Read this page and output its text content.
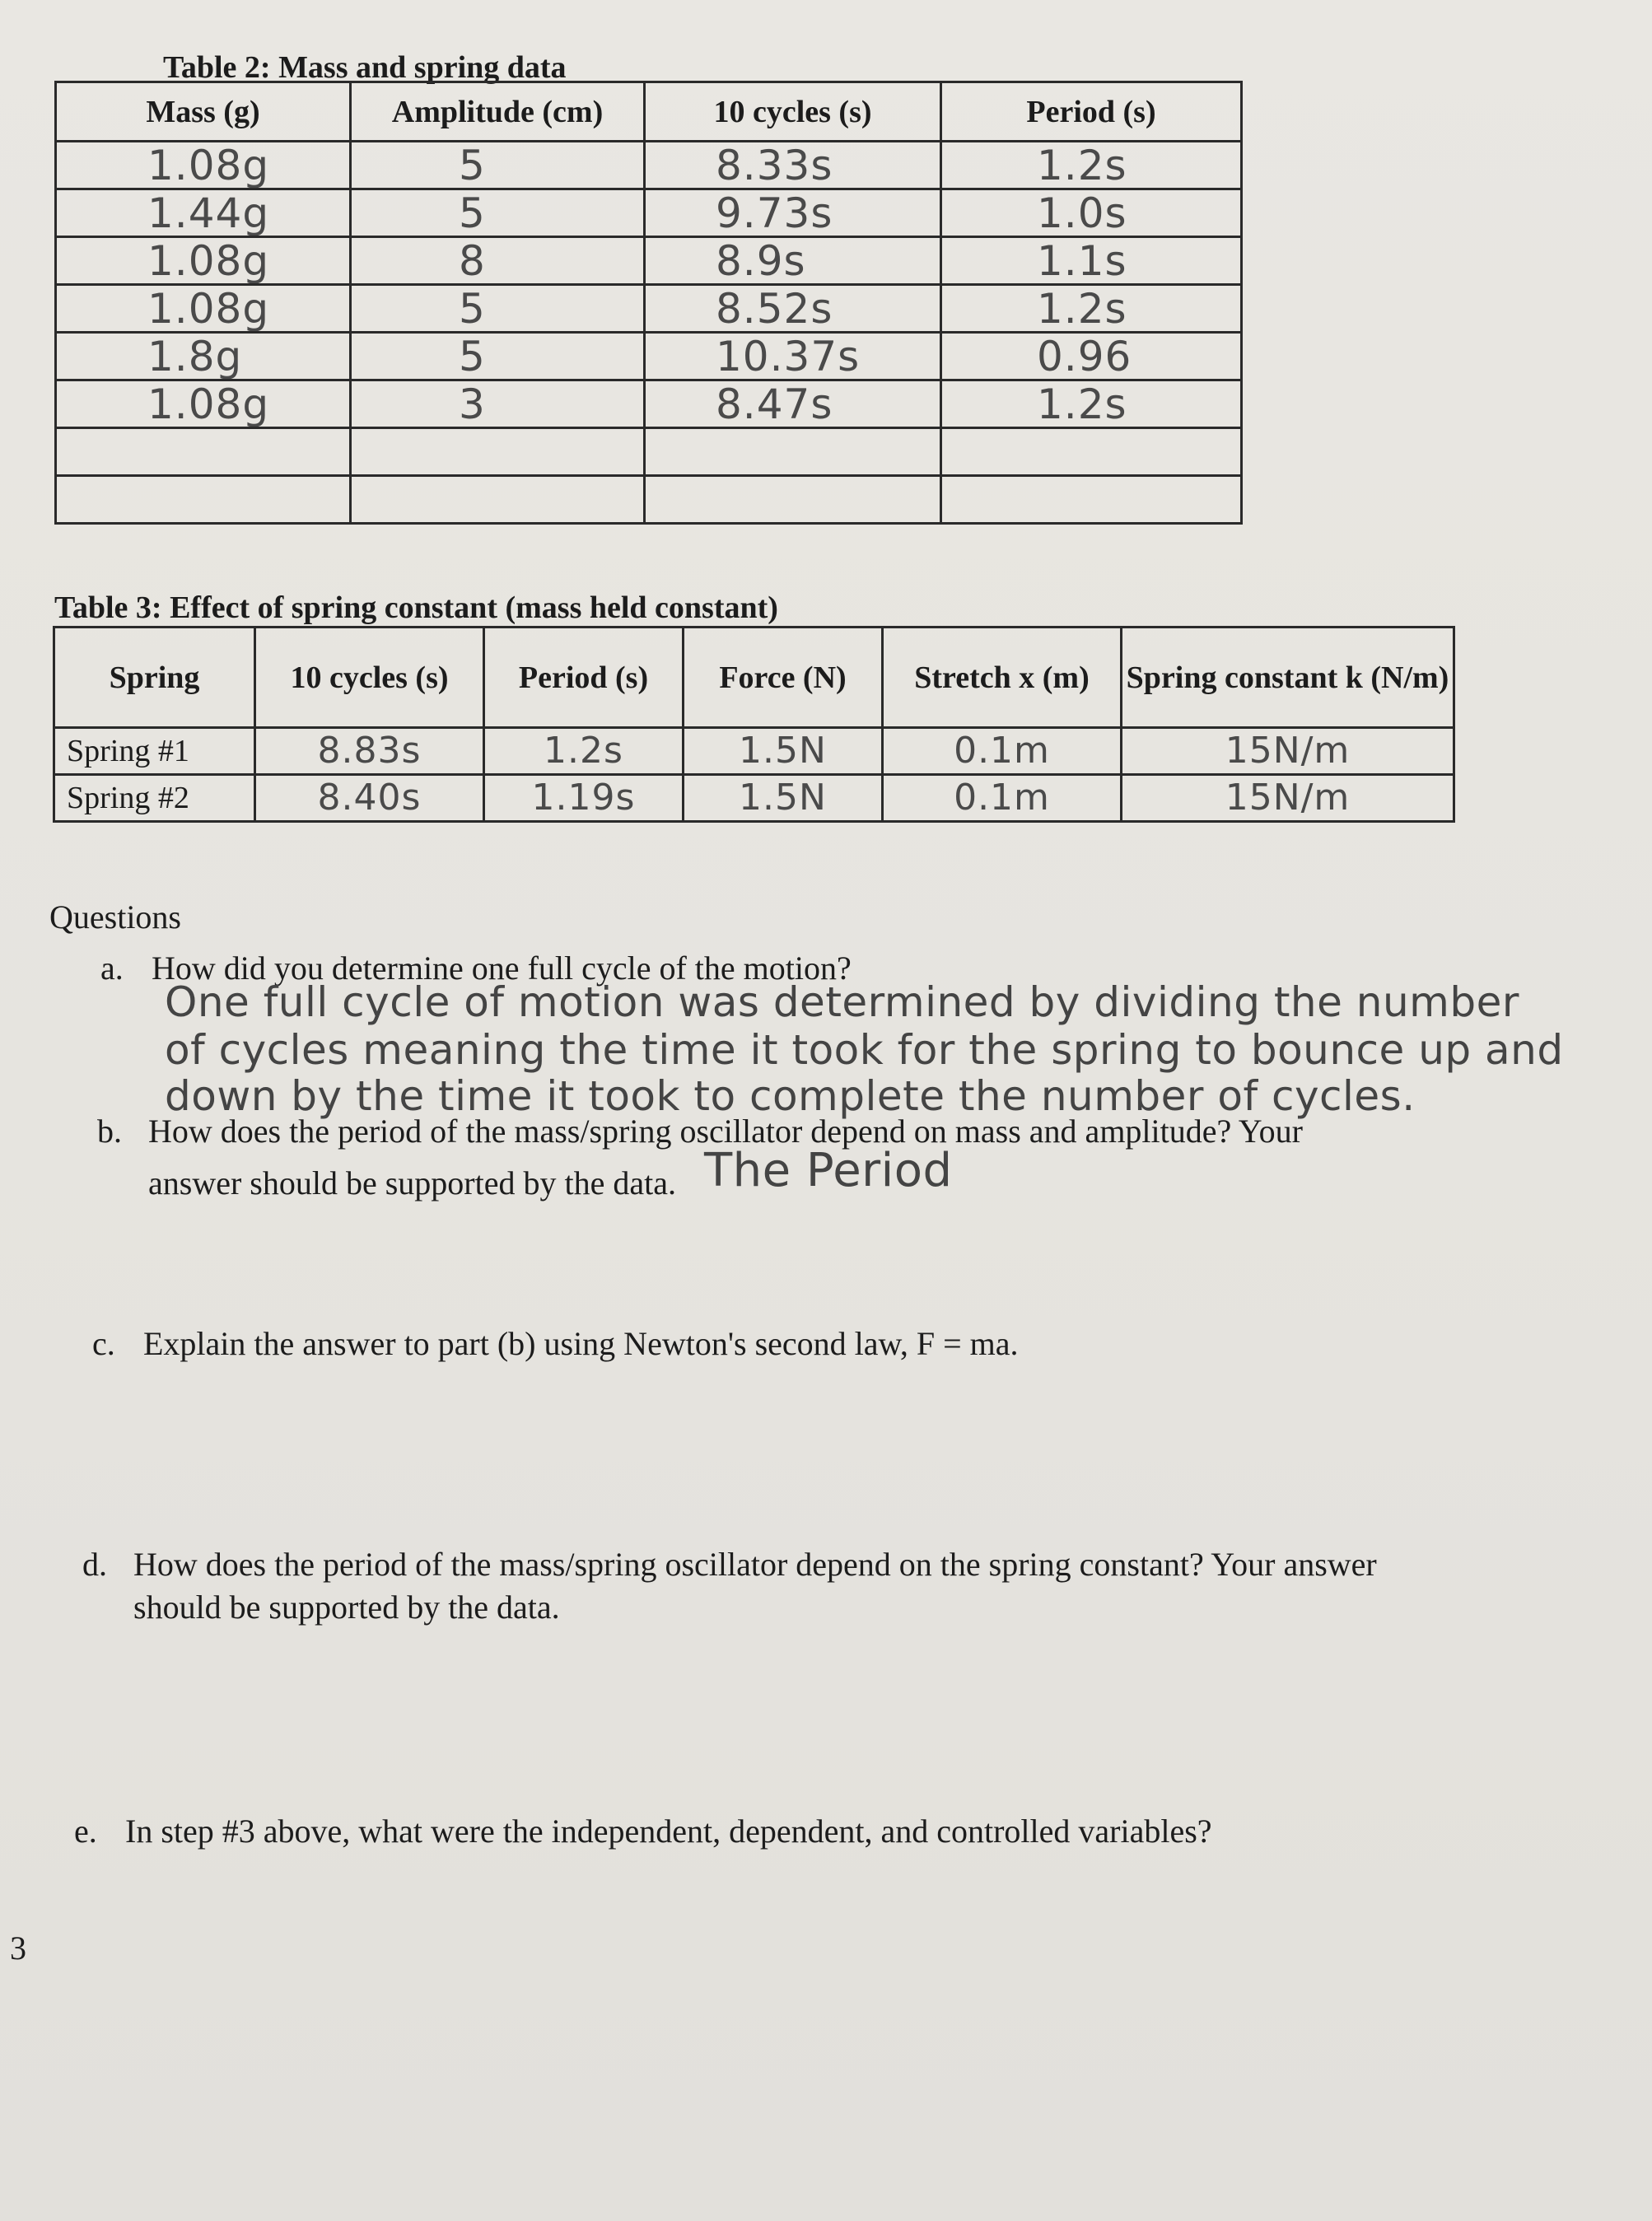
Table 2: Mass and spring data
Mass (g)	Amplitude (cm)	10 cycles (s)	Period (s)
1.08g	5	8.33s	1.2s
1.44g	5	9.73s	1.0s
1.08g	8	8.9s	1.1s
1.08g	5	8.52s	1.2s
1.8g	5	10.37s	0.96
1.08g	3	8.47s	1.2s

Table 3: Effect of spring constant (mass held constant)
Spring	10 cycles (s)	Period (s)	Force (N)	Stretch x (m)	Spring constant k (N/m)
Spring #1	8.83s	1.2s	1.5N	0.1m	15N/m
Spring #2	8.40s	1.19s	1.5N	0.1m	15N/m
Questions
a. How did you determine one full cycle of the motion?
One full cycle of motion was determined by dividing the number
of cycles meaning the time it took for the spring to bounce up and
down by the time it took to complete the number of cycles.
b. How does the period of the mass/spring oscillator depend on mass and amplitude? Your
answer should be supported by the data. The Period
c. Explain the answer to part (b) using Newton's second law, F = ma.
d. How does the period of the mass/spring oscillator depend on the spring constant? Your answer
should be supported by the data.
e. In step #3 above, what were the independent, dependent, and controlled variables?
3
